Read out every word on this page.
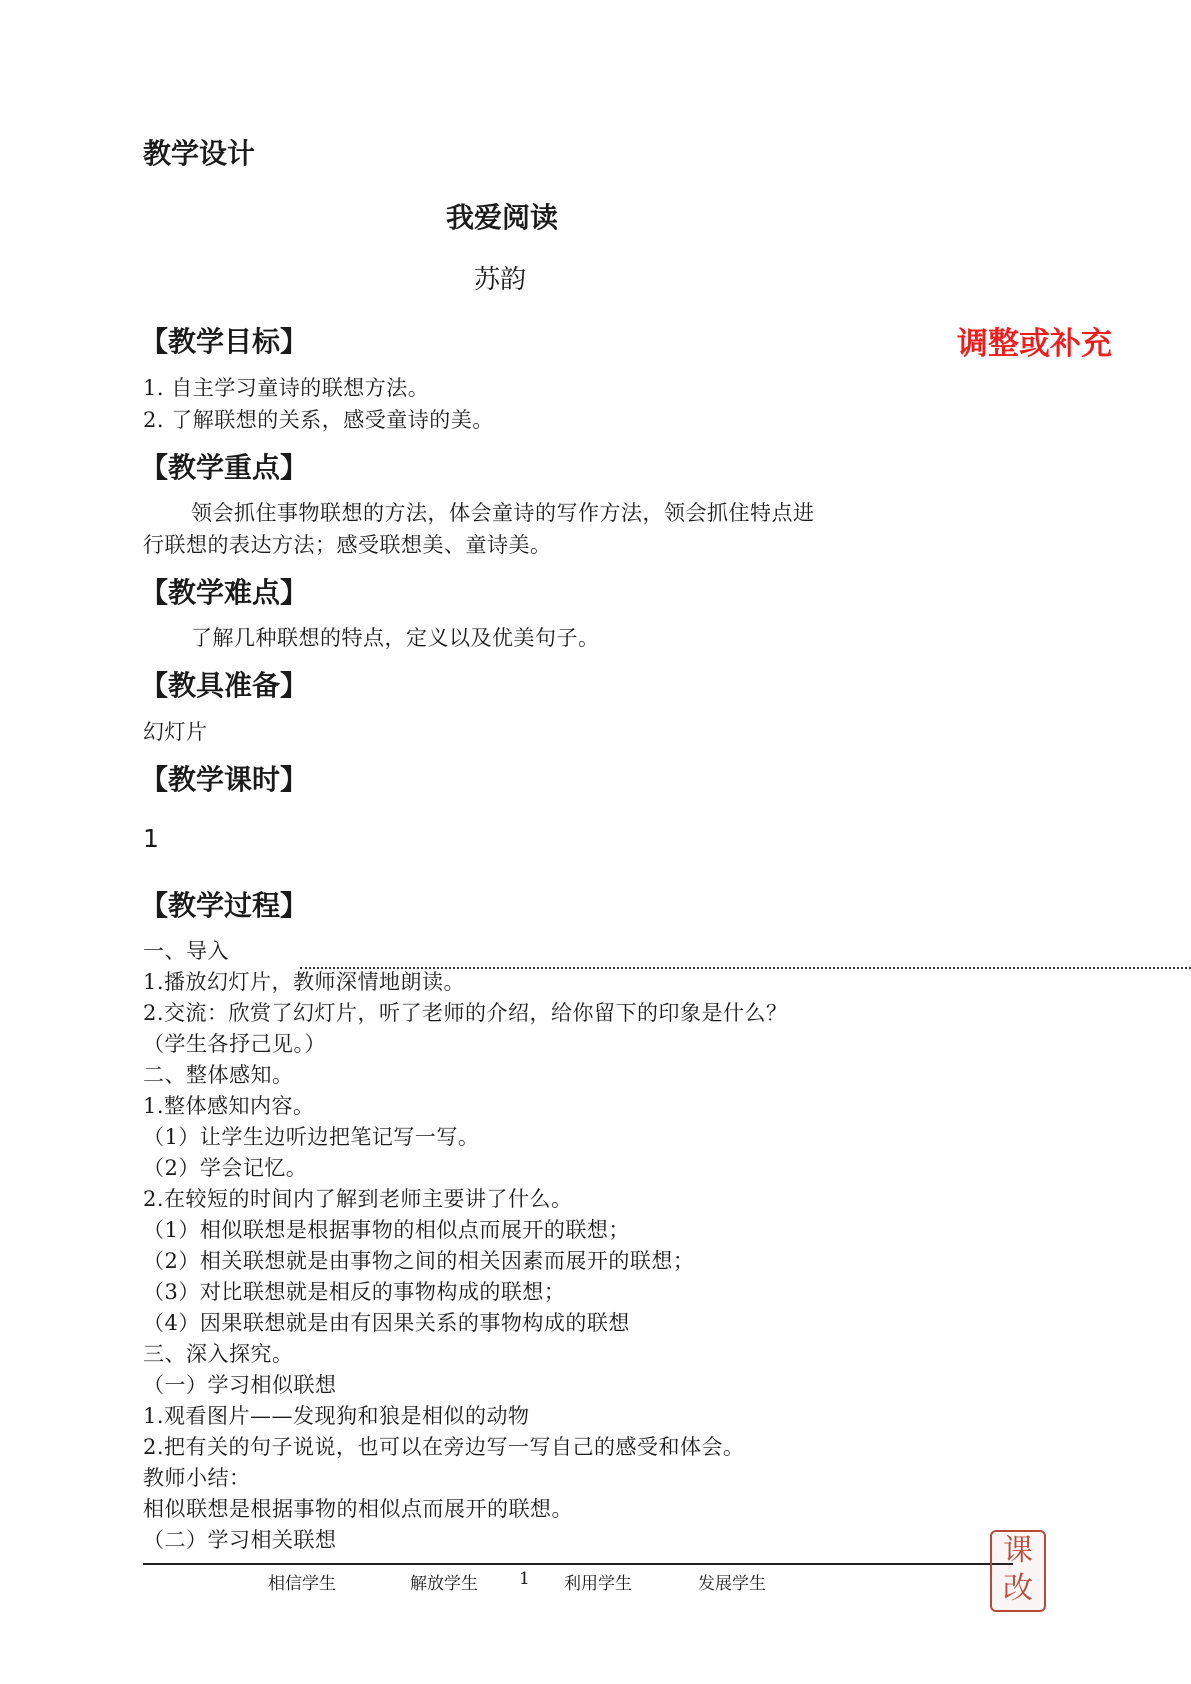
教学设计
我爱阅读
苏韵
【教学目标】	调整或补充
1. 自主学习童诗的联想方法。
2. 了解联想的关系，感受童诗的美。
【教学重点】
领会抓住事物联想的方法，体会童诗的写作方法，领会抓住特点进
行联想的表达方法；感受联想美、童诗美。
【教学难点】
了解几种联想的特点，定义以及优美句子。
【教具准备】
幻灯片
【教学课时】
1
【教学过程】
一、导入
1.播放幻灯片，教师深情地朗读。
2.交流：欣赏了幻灯片，听了老师的介绍，给你留下的印象是什么？
（学生各抒己见。）
二、整体感知。
1.整体感知内容。
（1）让学生边听边把笔记写一写。
（2）学会记忆。
2.在较短的时间内了解到老师主要讲了什么。
（1）相似联想是根据事物的相似点而展开的联想；
（2）相关联想就是由事物之间的相关因素而展开的联想；
（3）对比联想就是相反的事物构成的联想；
（4）因果联想就是由有因果关系的事物构成的联想
三、深入探究。
（一）学习相似联想
1.观看图片——发现狗和狼是相似的动物
2.把有关的句子说说，也可以在旁边写一写自己的感受和体会。
教师小结：
相似联想是根据事物的相似点而展开的联想。
（二）学习相关联想
相信学生	解放学生 1 利用学生	发展学生
课
改
